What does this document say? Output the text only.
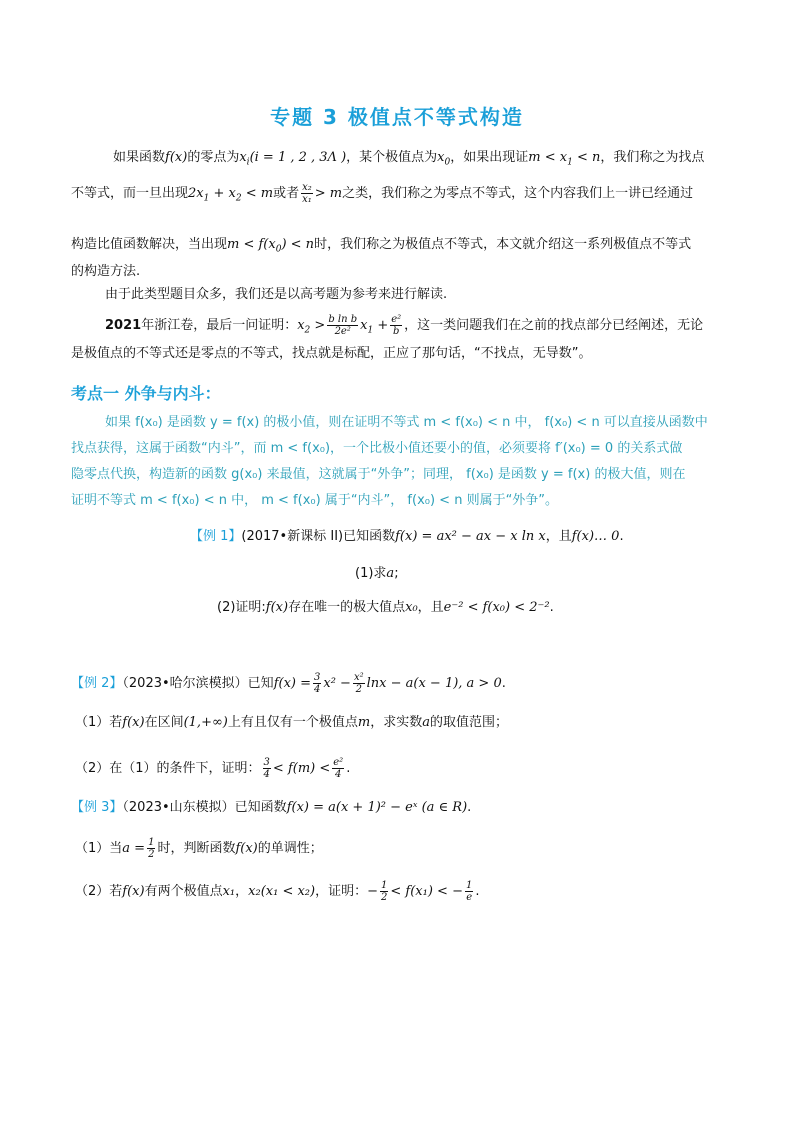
专题 3 极值点不等式构造
如果函数f(x)的零点为$x_i(i = 1$ , 2 , 3Λ )，某个极值点为$x_0$，如果出现证$m < x_1 < n$，我们称之为找点
不等式，而一旦出现$2x_1 + x_2 < m$或者 $\frac{\text{x₂}}{\text{x₁}} > m$之类，我们称之为零点不等式，这个内容我们上一讲已经通过
构造比值函数解决，当出现$m < f(x_0) < n$时，我们称之为极值点不等式，本文就介绍这一系列极值点不等式
的构造方法.
由于此类型题目众多，我们还是以高考题为参考来进行解读.
2021年浙江卷，最后一问证明：$x_2 > \frac{\text{b ln b}}{\text{2e²}} x_1 + \frac{\text{e²}}{b}$ ，这一类问题我们在之前的找点部分已经阐述，无论
是极值点的不等式还是零点的不等式，找点就是标配，正应了那句话，“不找点，无导数”。
考点一 外争与内斗：
如果 f(x₀) 是函数 y = f(x) 的极小值，则在证明不等式 m < f(x₀) < n 中， f(x₀) < n 可以直接从函数中
找点获得，这属于函数“内斗”，而 m < f(x₀)，一个比极小值还要小的值，必须要将 f′(x₀) = 0 的关系式做
隐零点代换，构造新的函数 g(x₀) 来最值，这就属于“外争”；同理， f(x₀) 是函数 y = f(x) 的极大值，则在
证明不等式 m < f(x₀) < n 中， m < f(x₀) 属于“内斗”， f(x₀) < n 则属于“外争”。
【例 1】(2017•新课标 II)已知函数f(x) = ax² − ax − x ln x，且f(x)… 0.
(1)求a;
(2)证明:f(x)存在唯一的极大值点x₀，且e⁻² < f(x₀) < 2⁻².
【例 2】（2023•哈尔滨模拟）已知$f(x) = \frac{3}{4} x^2 - \frac{\text{x²}}{2}$ lnx − a(x − 1), a > 0.
（1）若f(x)在区间(1,+∞)上有且仅有一个极值点m，求实数a的取值范围；
（2）在（1）的条件下，证明： $\frac{3}{4} < f(m) < \frac{\text{e²}}{4}$ .
【例 3】（2023•山东模拟）已知函数f(x) = a(x + 1)² − eˣ (a ∈ R).
（1）当$a = \frac{1}{2}$ 时，判断函数f(x)的单调性；
（2）若f(x)有两个极值点x₁，x₂(x₁ < x₂)，证明：− $\frac{1}{2} < f(x_1)$ < − $\frac{1}{e}$ .
